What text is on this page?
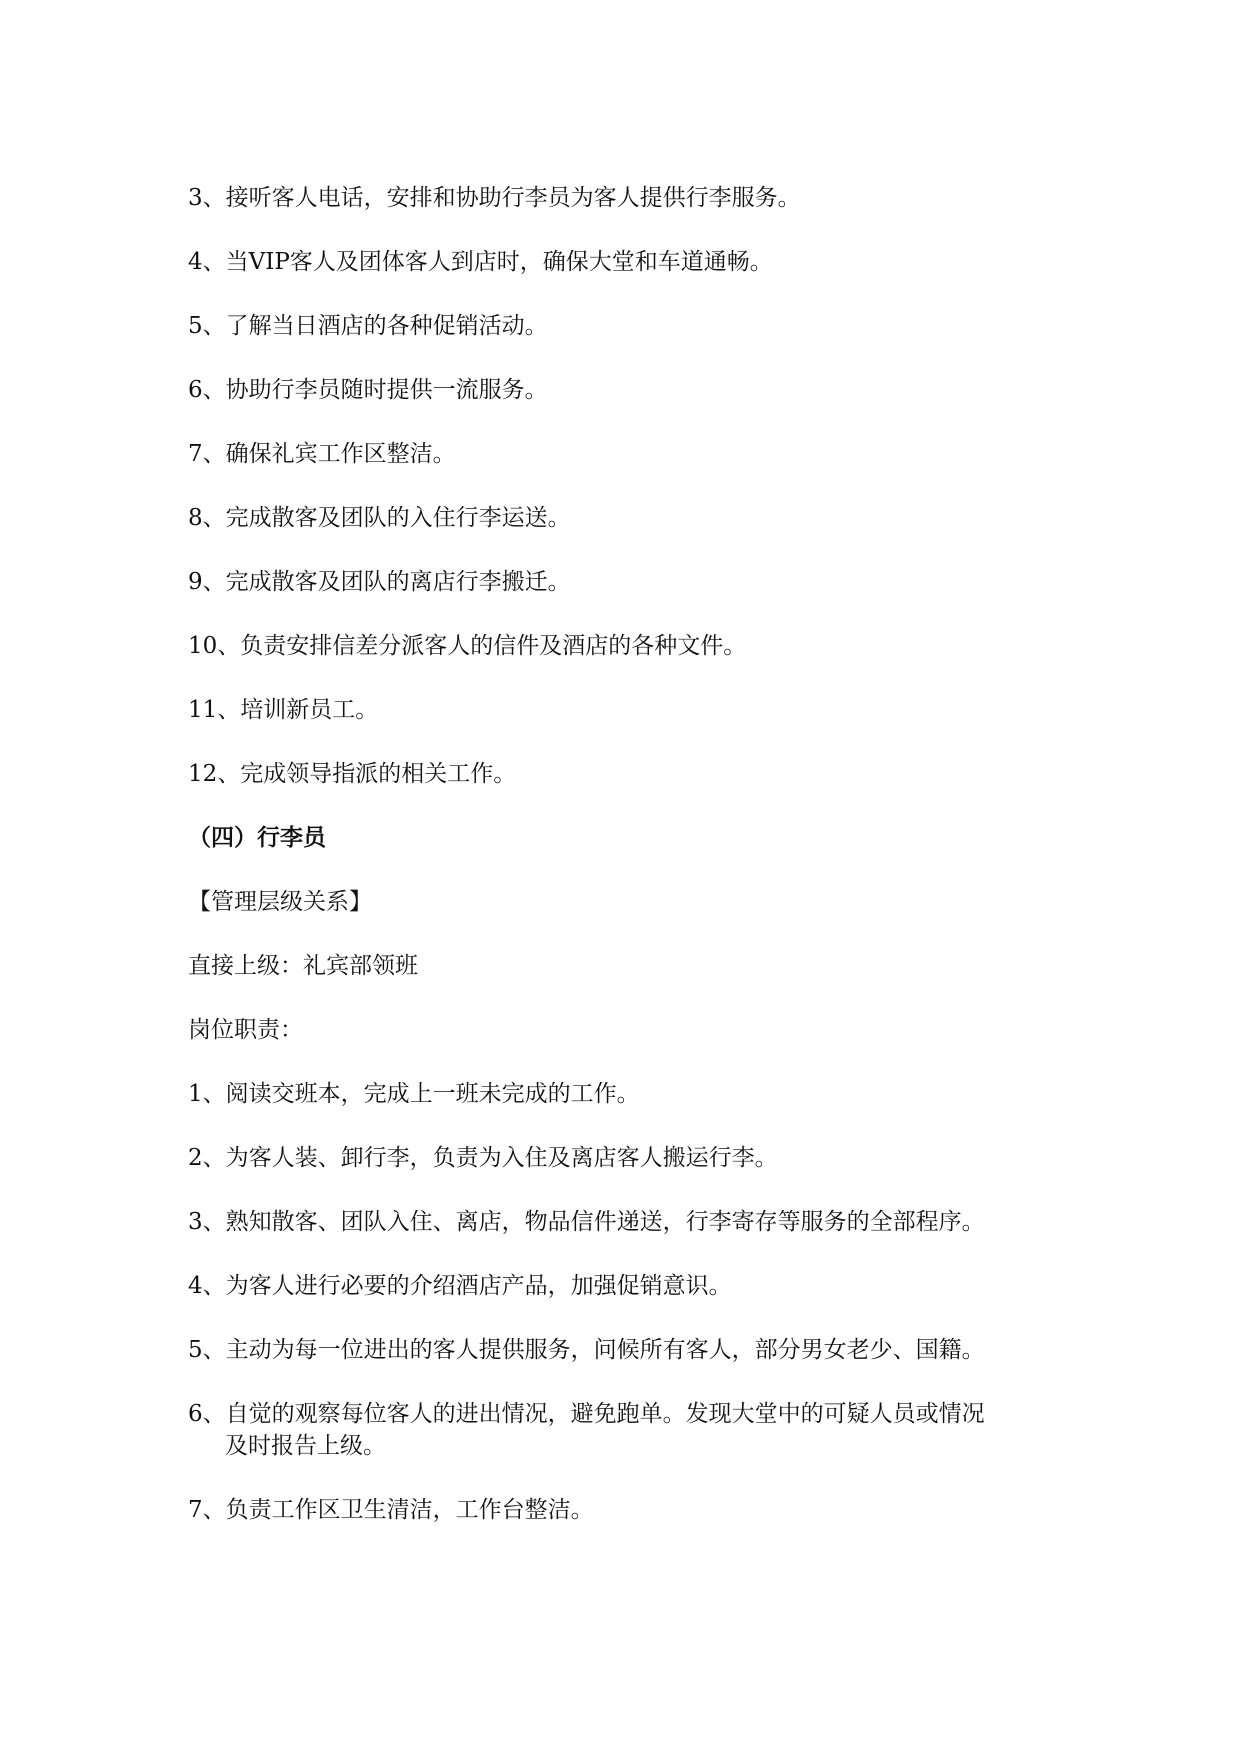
3、接听客人电话，安排和协助行李员为客人提供行李服务。
4、当VIP客人及团体客人到店时，确保大堂和车道通畅。
5、了解当日酒店的各种促销活动。
6、协助行李员随时提供一流服务。
7、确保礼宾工作区整洁。
8、完成散客及团队的入住行李运送。
9、完成散客及团队的离店行李搬迁。
10、负责安排信差分派客人的信件及酒店的各种文件。
11、培训新员工。
12、完成领导指派的相关工作。
（四）行李员
【管理层级关系】
直接上级：礼宾部领班
岗位职责：
1、阅读交班本，完成上一班未完成的工作。
2、为客人装、卸行李，负责为入住及离店客人搬运行李。
3、熟知散客、团队入住、离店，物品信件递送，行李寄存等服务的全部程序。
4、为客人进行必要的介绍酒店产品，加强促销意识。
5、主动为每一位进出的客人提供服务，问候所有客人，部分男女老少、国籍。
6、自觉的观察每位客人的进出情况，避免跑单。发现大堂中的可疑人员或情况
及时报告上级。
7、负责工作区卫生清洁，工作台整洁。
